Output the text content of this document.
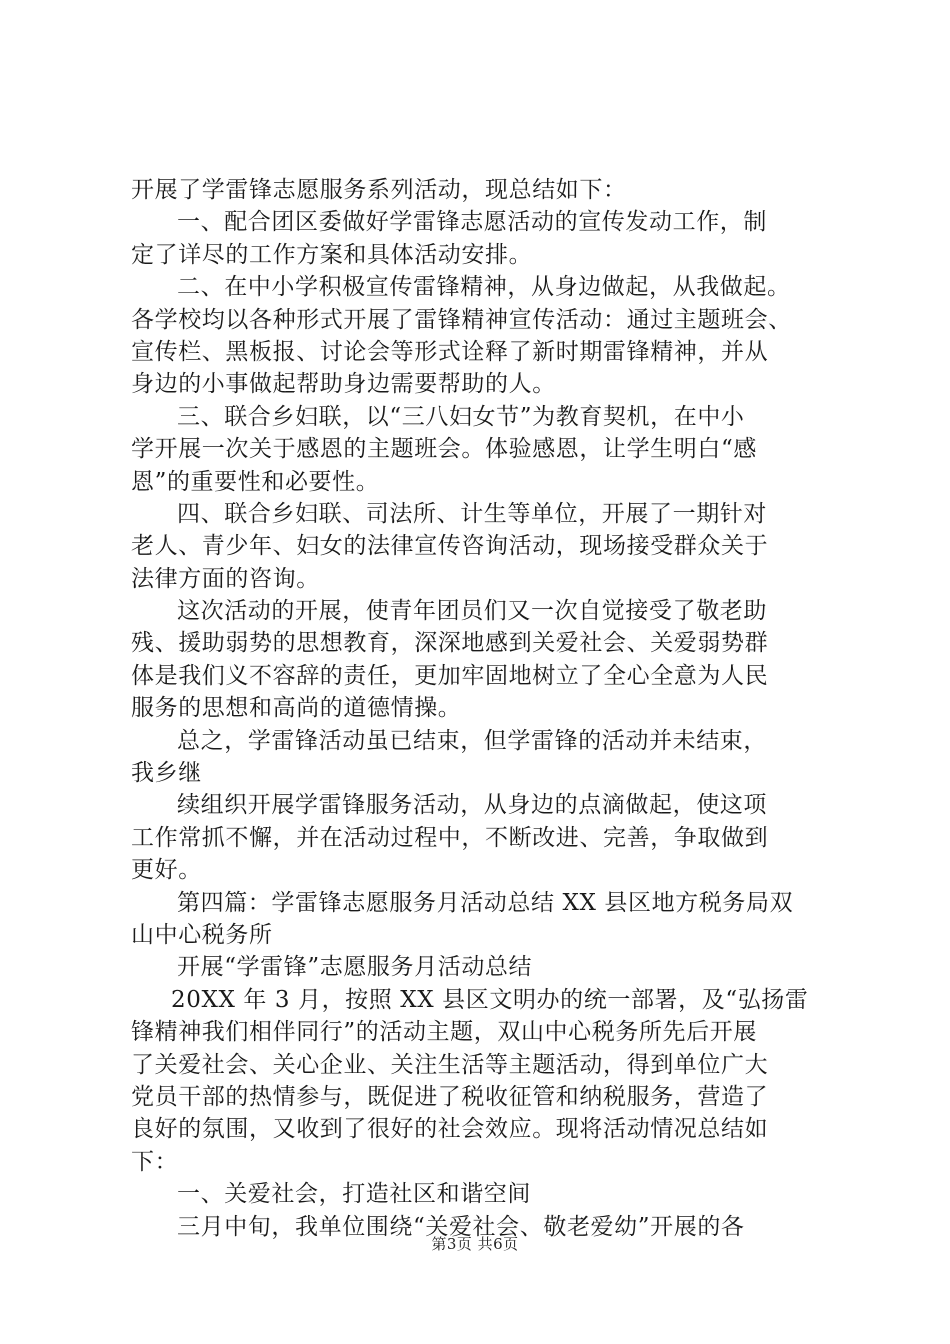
开展了学雷锋志愿服务系列活动，现总结如下：
一、配合团区委做好学雷锋志愿活动的宣传发动工作，制
定了详尽的工作方案和具体活动安排。
二、在中小学积极宣传雷锋精神，从身边做起，从我做起。
各学校均以各种形式开展了雷锋精神宣传活动：通过主题班会、
宣传栏、黑板报、讨论会等形式诠释了新时期雷锋精神，并从
身边的小事做起帮助身边需要帮助的人。
三、联合乡妇联，以“三八妇女节”为教育契机，在中小
学开展一次关于感恩的主题班会。体验感恩，让学生明白“感
恩”的重要性和必要性。
四、联合乡妇联、司法所、计生等单位，开展了一期针对
老人、青少年、妇女的法律宣传咨询活动，现场接受群众关于
法律方面的咨询。
这次活动的开展，使青年团员们又一次自觉接受了敬老助
残、援助弱势的思想教育，深深地感到关爱社会、关爱弱势群
体是我们义不容辞的责任，更加牢固地树立了全心全意为人民
服务的思想和高尚的道德情操。
总之，学雷锋活动虽已结束，但学雷锋的活动并未结束，
我乡继
续组织开展学雷锋服务活动，从身边的点滴做起，使这项
工作常抓不懈，并在活动过程中，不断改进、完善，争取做到
更好。
第四篇：学雷锋志愿服务月活动总结 XX 县区地方税务局双
山中心税务所
开展“学雷锋”志愿服务月活动总结
20XX 年 3 月，按照 XX 县区文明办的统一部署，及“弘扬雷
锋精神我们相伴同行”的活动主题，双山中心税务所先后开展
了关爱社会、关心企业、关注生活等主题活动，得到单位广大
党员干部的热情参与，既促进了税收征管和纳税服务，营造了
良好的氛围，又收到了很好的社会效应。现将活动情况总结如
下：
一、关爱社会，打造社区和谐空间
三月中旬，我单位围绕“关爱社会、敬老爱幼”开展的各
第3页 共6页
